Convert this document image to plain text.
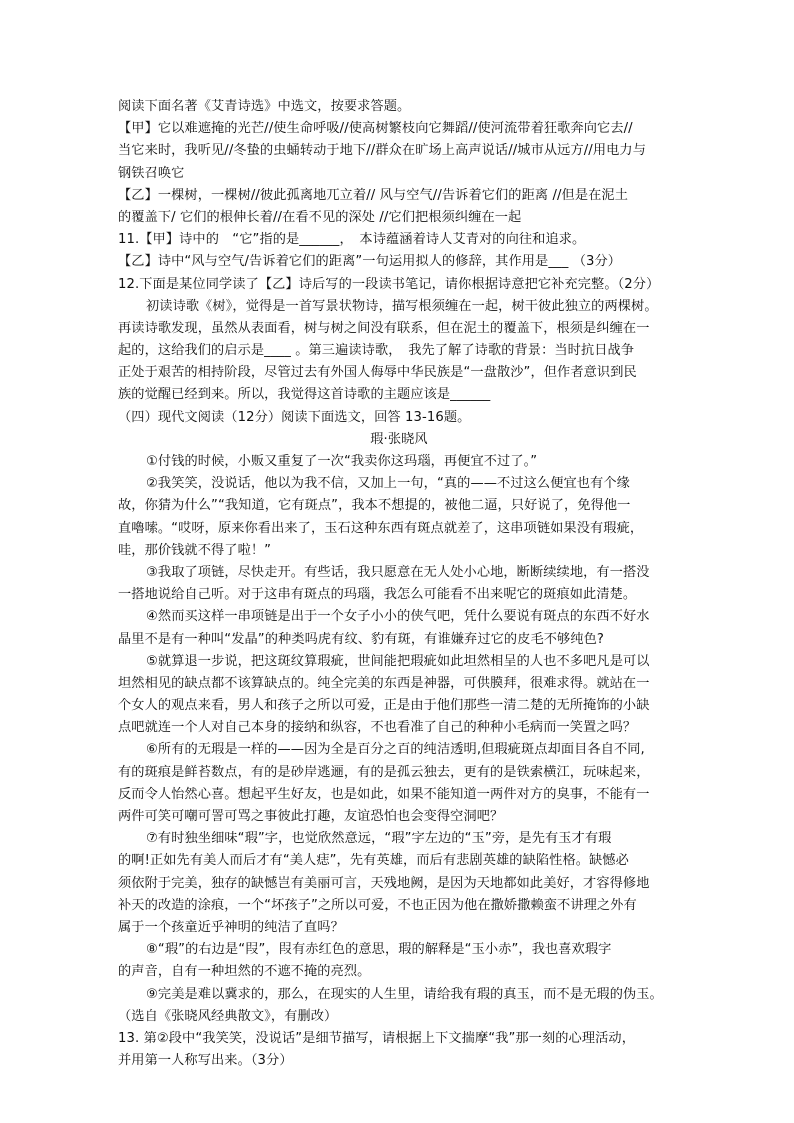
阅读下面名著《艾青诗选》中选文，按要求答题。
【甲】它以难遮掩的光芒//使生命呼吸//使高树繁枝向它舞蹈//使河流带着狂歌奔向它去//
当它来时，我听见//冬蛰的虫蛹转动于地下//群众在旷场上高声说话//城市从远方//用电力与
钢铁召唤它
【乙】一棵树，一棵树//彼此孤离地兀立着// 风与空气//告诉着它们的距离 //但是在泥土
的覆盖下/ 它们的根伸长着//在看不见的深处 //它们把根须纠缠在一起
11.【甲】诗中的　“它”指的是______，　本诗蕴涵着诗人艾青对的向往和追求。
【乙】诗中“风与空气/告诉着它们的距离”一句运用拟人的修辞，其作用是___ （3分）
12.下面是某位同学读了【乙】诗后写的一段读书笔记，请你根据诗意把它补充完整。（2分）
初读诗歌《树》，觉得是一首写景状物诗，描写根须缠在一起，树干彼此独立的两棵树。
再读诗歌发现，虽然从表面看，树与树之间没有联系，但在泥土的覆盖下，根须是纠缠在一
起的，这给我们的启示是____ 。第三遍读诗歌，　我先了解了诗歌的背景：当时抗日战争
正处于艰苦的相持阶段，尽管过去有外国人侮辱中华民族是“一盘散沙”，但作者意识到民
族的觉醒已经到来。所以，我觉得这首诗歌的主题应该是______
（四）现代文阅读（12分）阅读下面选文，回答 13-16题。
瑕·张晓风
①付钱的时候，小贩又重复了一次“我卖你这玛瑙，再便宜不过了。”
②我笑笑，没说话，他以为我不信，又加上一句，“真的——不过这么便宜也有个缘
故，你猜为什么”“我知道，它有斑点”，我本不想提的，被他二逼，只好说了，免得他一
直嚕嗦。“哎呀，原来你看出来了，玉石这种东西有斑点就差了，这串项链如果没有瑕疵，
哇，那价钱就不得了啦！”
③我取了项链，尽快走开。有些话，我只愿意在无人处小心地，断断续续地，有一搭没
一搭地说给自己听。对于这串有斑点的玛瑙，我怎么可能看不出来呢它的斑痕如此清楚。
④然而买这样一串项链是出于一个女子小小的侠气吧，凭什么要说有斑点的东西不好水
晶里不是有一种叫“发晶”的种类吗虎有纹、豹有斑，有谁嫌弃过它的皮毛不够纯色?
⑤就算退一步说，把这斑纹算瑕疵，世间能把瑕疵如此坦然相呈的人也不多吧凡是可以
坦然相见的缺点都不该算缺点的。纯全完美的东西是神器，可供膜拜，很难求得。就站在一
个女人的观点来看，男人和孩子之所以可爱，正是由于他们那些一清二楚的无所掩饰的小缺
点吧就连一个人对自己本身的接纳和纵容，不也看准了自己的种种小毛病而一笑置之吗？
⑥所有的无瑕是一样的——因为全是百分之百的纯洁透明,但瑕疵斑点却面目各自不同,
有的斑痕是鲜苔数点，有的是砂岸逃逦，有的是孤云独去，更有的是铁索横江，玩味起来，
反而令人怡然心喜。想起平生好友，也是如此，如果不能知道一两件对方的臭事，不能有一
两件可笑可嘲可詈可骂之事彼此打趣，友谊恐怕也会变得空洞吧？
⑦有时独坐细味“瑕”字，也觉欣然意远，“瑕”字左边的“玉”旁，是先有玉才有瑕
的啊!正如先有美人而后才有“美人痣”，先有英雄，而后有悲剧英雄的缺陷性格。缺憾必
须依附于完美，独存的缺憾岂有美丽可言，天残地阙，是因为天地都如此美好，才容得修地
补天的改造的涂痕，一个“坏孩子”之所以可爱，不也正因为他在撒娇撒赖蛮不讲理之外有
属于一个孩童近乎神明的纯洁了直吗？
⑧“瑕”的右边是“叚”，叚有赤红色的意思，瑕的解释是“玉小赤”，我也喜欢瑕字
的声音，自有一种坦然的不遮不掩的亮烈。
⑨完美是难以冀求的，那么，在现实的人生里，请给我有瑕的真玉，而不是无瑕的伪玉。
（选自《张晓风经典散文》，有删改）
13. 第②段中“我笑笑，没说话”是细节描写，请根据上下文揣摩“我”那一刻的心理活动，
并用第一人称写出来。（3分）
